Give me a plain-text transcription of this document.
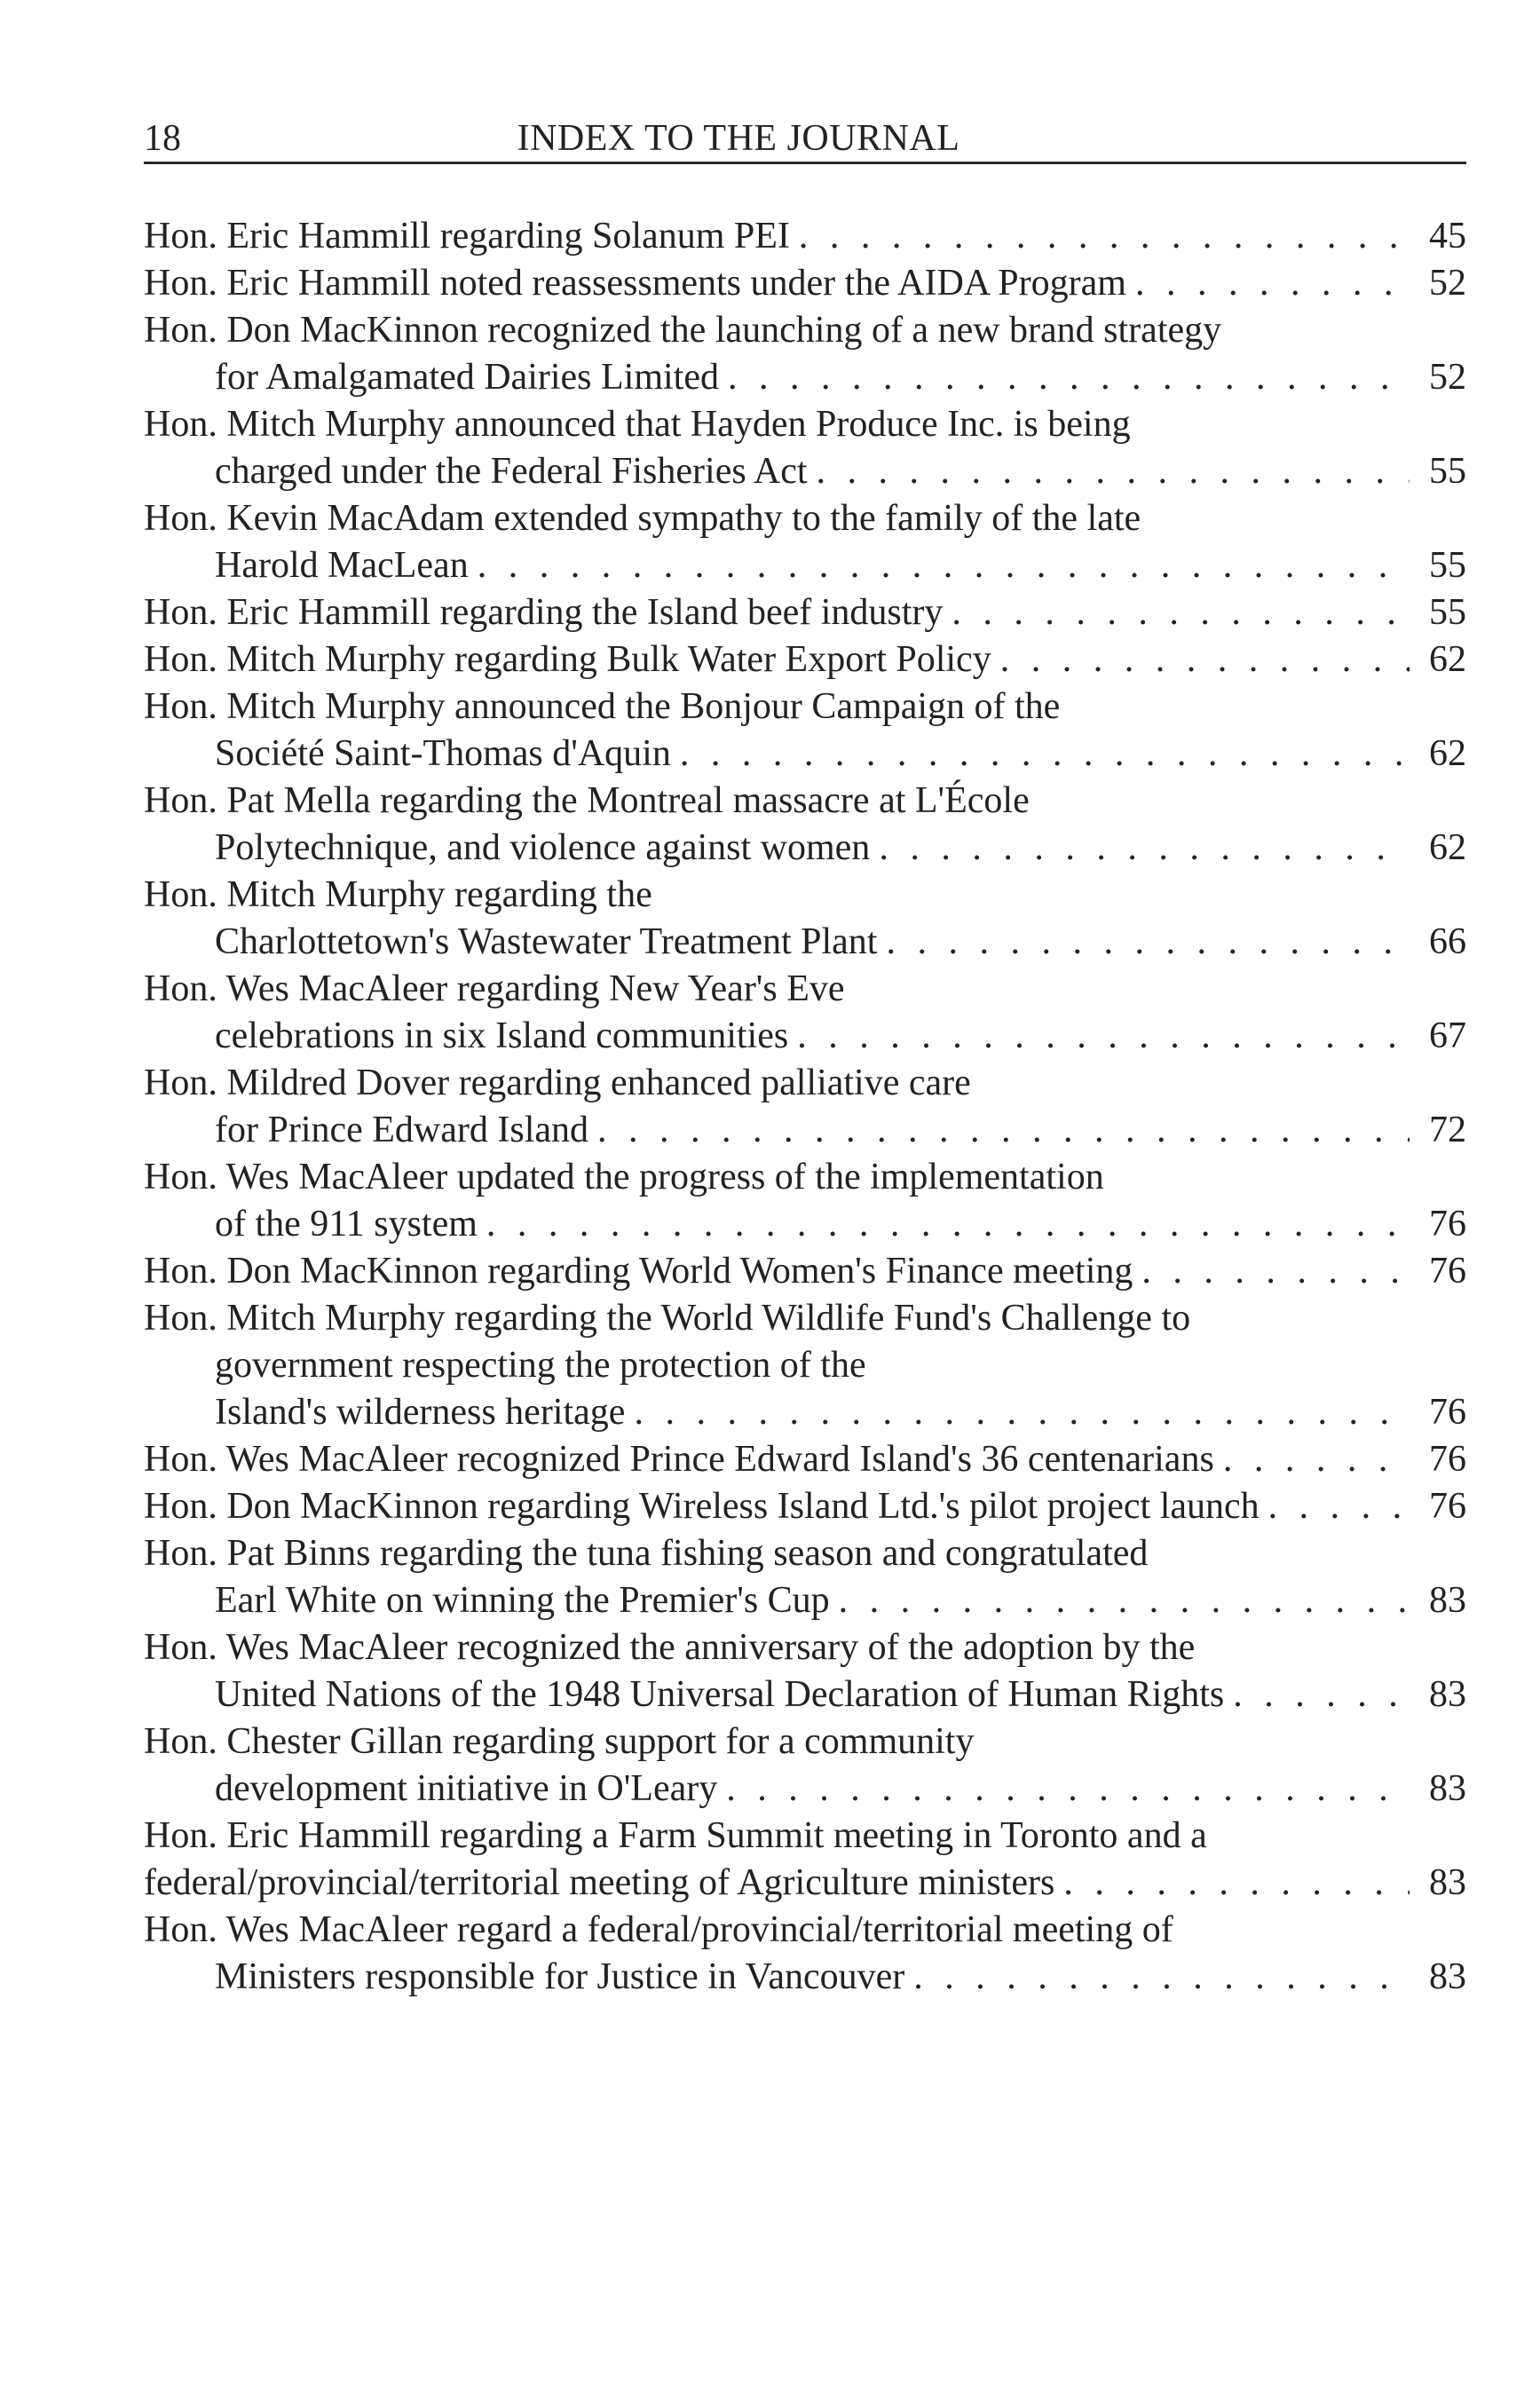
18	INDEX TO THE JOURNAL
Hon. Eric Hammill regarding Solanum PEI . . .	45
Hon. Eric Hammill noted reassessments under the AIDA Program . . .	52
Hon. Don MacKinnon recognized the launching of a new brand strategy
for Amalgamated Dairies Limited . . .	52
Hon. Mitch Murphy announced that Hayden Produce Inc. is being
charged under the Federal Fisheries Act . . .	55
Hon. Kevin MacAdam extended sympathy to the family of the late
Harold MacLean . . .	55
Hon. Eric Hammill regarding the Island beef industry . . .	55
Hon. Mitch Murphy regarding Bulk Water Export Policy . . .	62
Hon. Mitch Murphy announced the Bonjour Campaign of the
Société Saint-Thomas d'Aquin . . .	62
Hon. Pat Mella regarding the Montreal massacre at L'École
Polytechnique, and violence against women . . .	62
Hon. Mitch Murphy regarding the
Charlottetown's Wastewater Treatment Plant . . .	66
Hon. Wes MacAleer regarding New Year's Eve
celebrations in six Island communities . . .	67
Hon. Mildred Dover regarding enhanced palliative care
for Prince Edward Island . . .	72
Hon. Wes MacAleer updated the progress of the implementation
of the 911 system . . .	76
Hon. Don MacKinnon regarding World Women's Finance meeting . . .	76
Hon. Mitch Murphy regarding the World Wildlife Fund's Challenge to
government respecting the protection of the
Island's wilderness heritage . . .	76
Hon. Wes MacAleer recognized Prince Edward Island's 36 centenarians . . .	76
Hon. Don MacKinnon regarding Wireless Island Ltd.'s pilot project launch . . .	76
Hon. Pat Binns regarding the tuna fishing season and congratulated
Earl White on winning the Premier's Cup . . .	83
Hon. Wes MacAleer recognized the anniversary of the adoption by the
United Nations of the 1948 Universal Declaration of Human Rights . . .	83
Hon. Chester Gillan regarding support for a community
development initiative in O'Leary . . .	83
Hon. Eric Hammill regarding a Farm Summit meeting in Toronto and a
federal/provincial/territorial meeting of Agriculture ministers . . .	83
Hon. Wes MacAleer regard a federal/provincial/territorial meeting of
Ministers responsible for Justice in Vancouver . . .	83
